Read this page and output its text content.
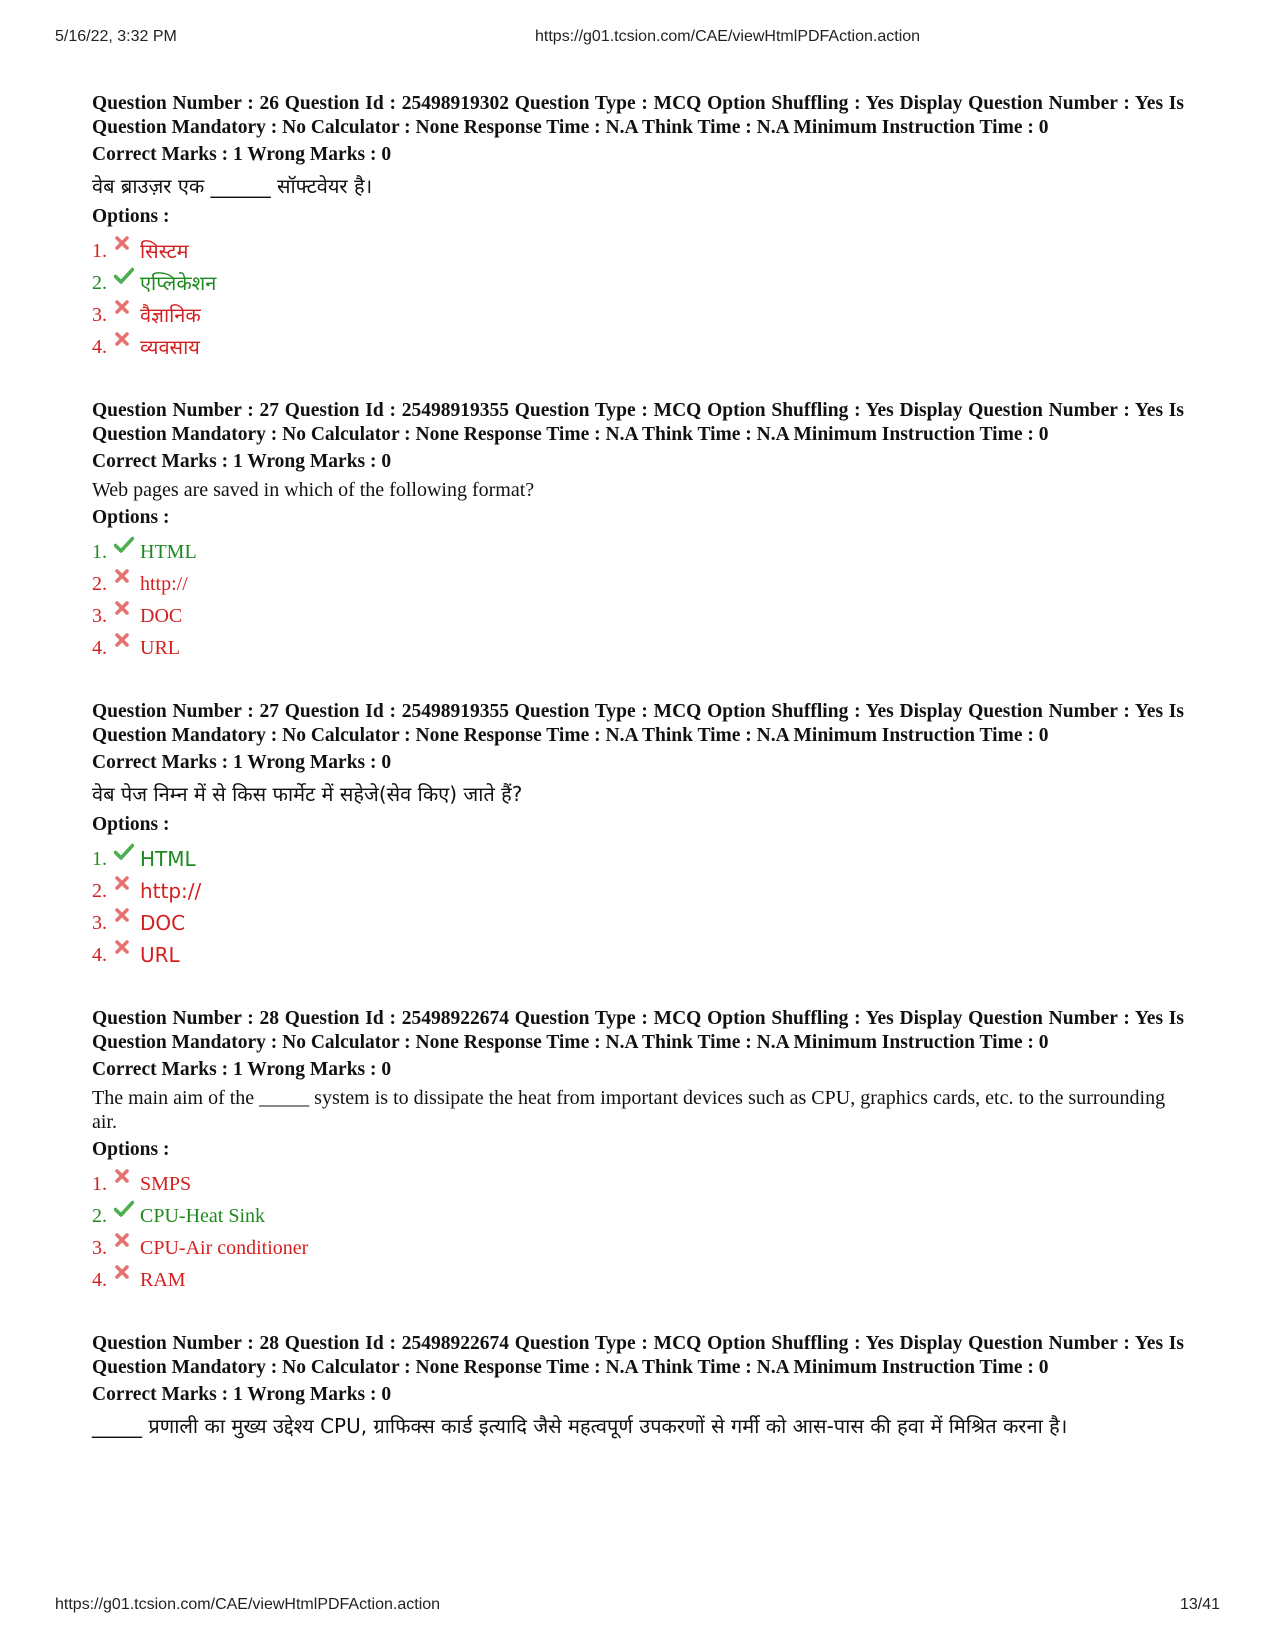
5/16/22, 3:32 PM	https://g01.tcsion.com/CAE/viewHtmlPDFAction.action
Question Number : 26 Question Id : 25498919302 Question Type : MCQ Option Shuffling : Yes Display Question Number : Yes Is Question Mandatory : No Calculator : None Response Time : N.A Think Time : N.A Minimum Instruction Time : 0
Correct Marks : 1 Wrong Marks : 0
वेब ब्राउज़र एक ______ सॉफ्टवेयर है।
Options :
1.	सिस्टम
2.	एप्लिकेशन
3.	वैज्ञानिक
4.	व्यवसाय
Question Number : 27 Question Id : 25498919355 Question Type : MCQ Option Shuffling : Yes Display Question Number : Yes Is Question Mandatory : No Calculator : None Response Time : N.A Think Time : N.A Minimum Instruction Time : 0
Correct Marks : 1 Wrong Marks : 0
Web pages are saved in which of the following format?
Options :
1.	HTML
2.	http://
3.	DOC
4.	URL
Question Number : 27 Question Id : 25498919355 Question Type : MCQ Option Shuffling : Yes Display Question Number : Yes Is Question Mandatory : No Calculator : None Response Time : N.A Think Time : N.A Minimum Instruction Time : 0
Correct Marks : 1 Wrong Marks : 0
वेब पेज निम्न में से किस फार्मेट में सहेजे(सेव किए) जाते हैं?
Options :
1.	HTML
2.	http://
3.	DOC
4.	URL
Question Number : 28 Question Id : 25498922674 Question Type : MCQ Option Shuffling : Yes Display Question Number : Yes Is Question Mandatory : No Calculator : None Response Time : N.A Think Time : N.A Minimum Instruction Time : 0
Correct Marks : 1 Wrong Marks : 0
The main aim of the _____ system is to dissipate the heat from important devices such as CPU, graphics cards, etc. to the surrounding air.
Options :
1.	SMPS
2.	CPU-Heat Sink
3.	CPU-Air conditioner
4.	RAM
Question Number : 28 Question Id : 25498922674 Question Type : MCQ Option Shuffling : Yes Display Question Number : Yes Is Question Mandatory : No Calculator : None Response Time : N.A Think Time : N.A Minimum Instruction Time : 0
Correct Marks : 1 Wrong Marks : 0
_____ प्रणाली का मुख्य उद्देश्य CPU, ग्राफिक्स कार्ड इत्यादि जैसे महत्वपूर्ण उपकरणों से गर्मी को आस-पास की हवा में मिश्रित करना है।
https://g01.tcsion.com/CAE/viewHtmlPDFAction.action	13/41
